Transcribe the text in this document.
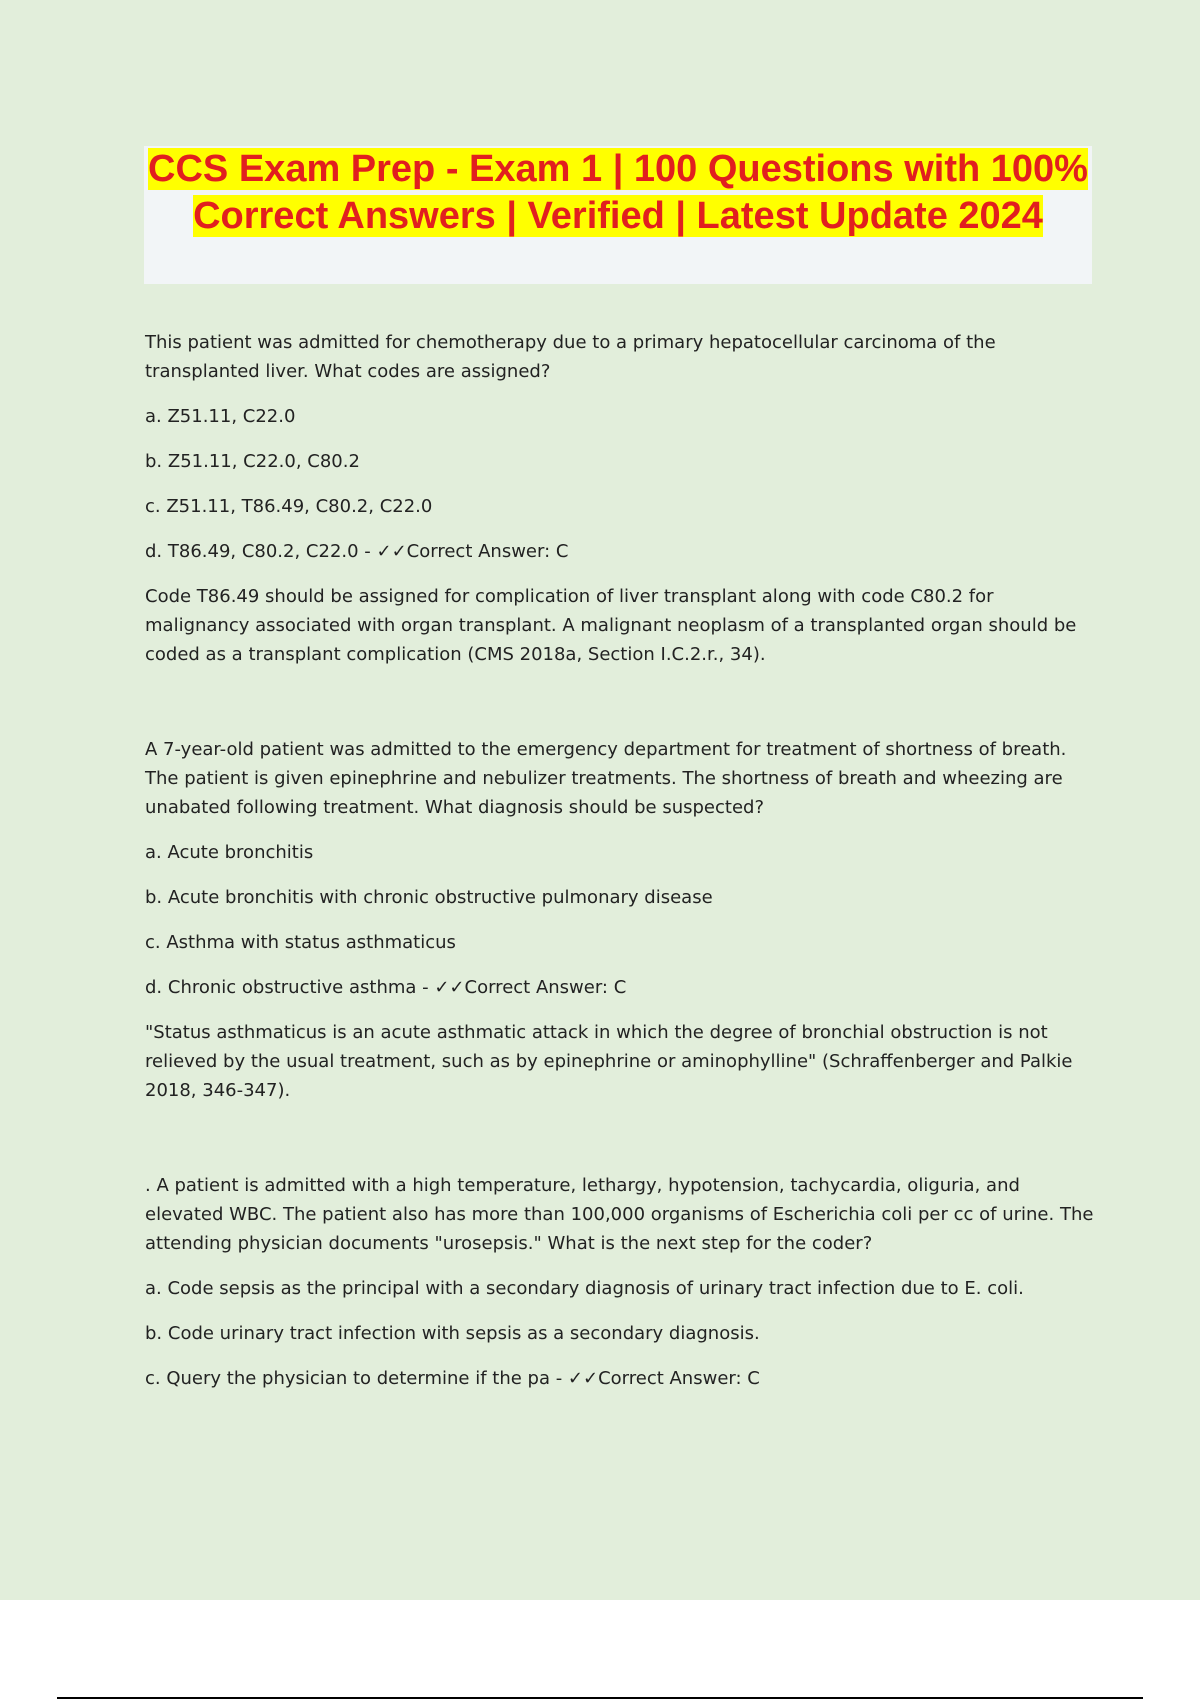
CCS Exam Prep - Exam 1 | 100 Questions with 100% Correct Answers | Verified | Latest Update 2024

This patient was admitted for chemotherapy due to a primary hepatocellular carcinoma of the transplanted liver. What codes are assigned?

a. Z51.11, C22.0

b. Z51.11, C22.0, C80.2

c. Z51.11, T86.49, C80.2, C22.0

d. T86.49, C80.2, C22.0 - ✓✓Correct Answer: C

Code T86.49 should be assigned for complication of liver transplant along with code C80.2 for malignancy associated with organ transplant. A malignant neoplasm of a transplanted organ should be coded as a transplant complication (CMS 2018a, Section I.C.2.r., 34).

A 7-year-old patient was admitted to the emergency department for treatment of shortness of breath. The patient is given epinephrine and nebulizer treatments. The shortness of breath and wheezing are unabated following treatment. What diagnosis should be suspected?

a. Acute bronchitis

b. Acute bronchitis with chronic obstructive pulmonary disease

c. Asthma with status asthmaticus

d. Chronic obstructive asthma - ✓✓Correct Answer: C

"Status asthmaticus is an acute asthmatic attack in which the degree of bronchial obstruction is not relieved by the usual treatment, such as by epinephrine or aminophylline" (Schraffenberger and Palkie 2018, 346-347).

. A patient is admitted with a high temperature, lethargy, hypotension, tachycardia, oliguria, and elevated WBC. The patient also has more than 100,000 organisms of Escherichia coli per cc of urine. The attending physician documents "urosepsis." What is the next step for the coder?

a. Code sepsis as the principal with a secondary diagnosis of urinary tract infection due to E. coli.

b. Code urinary tract infection with sepsis as a secondary diagnosis.

c. Query the physician to determine if the pa - ✓✓Correct Answer: C
